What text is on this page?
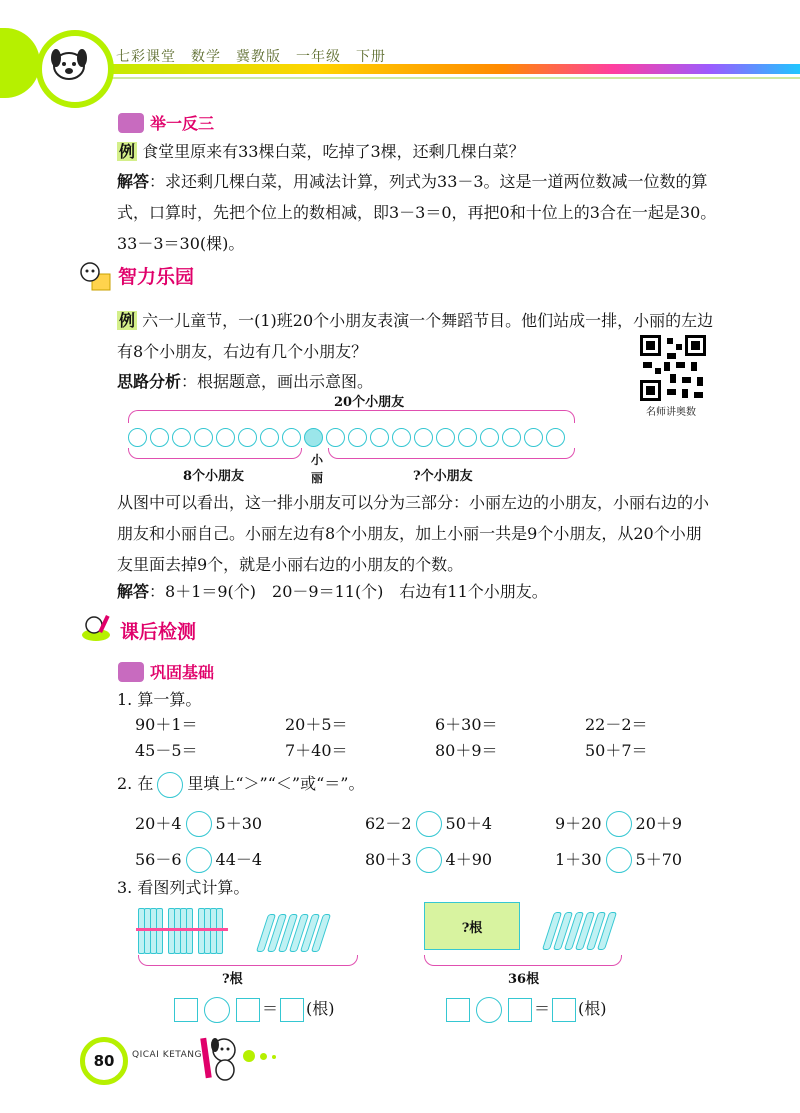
七彩课堂　数学　冀教版　一年级　下册
举一反三
例 食堂里原来有33棵白菜，吃掉了3棵，还剩几棵白菜？
解答：求还剩几棵白菜，用减法计算，列式为33－3。这是一道两位数减一位数的算式，口算时，先把个位上的数相减，即3－3＝0，再把0和十位上的3合在一起是30。33－3＝30(棵)。
智力乐园
例 六一儿童节，一(1)班20个小朋友表演一个舞蹈节目。他们站成一排，小丽的左边有8个小朋友，右边有几个小朋友？
思路分析：根据题意，画出示意图。
名师讲奥数
20个小朋友
8个小朋友
小
丽	?个小朋友
从图中可以看出，这一排小朋友可以分为三部分：小丽左边的小朋友，小丽右边的小朋友和小丽自己。小丽左边有8个小朋友，加上小丽一共是9个小朋友，从20个小朋友里面去掉9个，就是小丽右边的小朋友的个数。
解答：8＋1＝9(个)　20－9＝11(个)　右边有11个小朋友。
课后检测
巩固基础
1. 算一算。
90＋1＝	20＋5＝	6＋30＝	22－2＝
45－5＝	7＋40＝	80＋9＝	50＋7＝
2. 在 里填上“＞”“＜”或“＝”。
20＋4 5＋30	62－2 50＋4	9＋20 20＋9
56－6 44－4	80＋3 4＋90	1＋30 5＋70
3. 看图列式计算。
?根
＝ (根)
?根
36根
＝ (根)
80 QICAI KETANG
